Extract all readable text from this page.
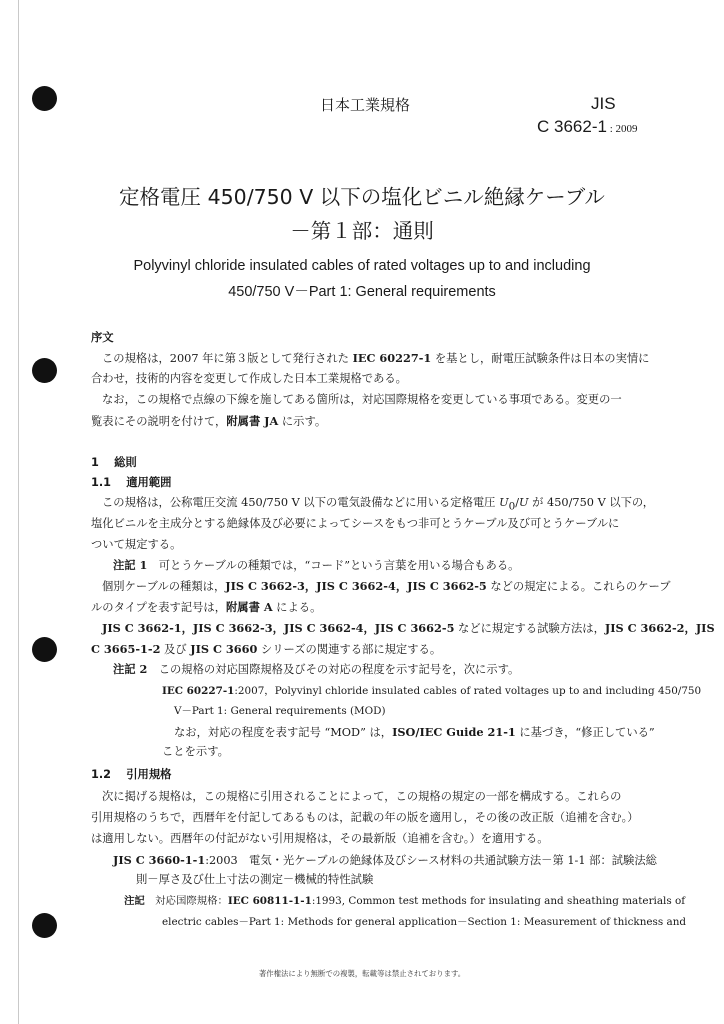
日本工業規格	JIS
C 3662-1 : 2009
定格電圧 450/750 V 以下の塩化ビニル絶縁ケーブル
－第１部：通則
Polyvinyl chloride insulated cables of rated voltages up to and including
450/750 V－Part 1: General requirements
序文
この規格は，2007 年に第３版として発行された IEC 60227-1 を基とし，耐電圧試験条件は日本の実情に
合わせ，技術的内容を変更して作成した日本工業規格である。
なお，この規格で点線の下線を施してある箇所は，対応国際規格を変更している事項である。変更の一
覧表にその説明を付けて，附属書 JA に示す。
1　 総則
1.1　 適用範囲
この規格は，公称電圧交流 450/750 V 以下の電気設備などに用いる定格電圧 $U_0/U$ が 450/750 V 以下の，
塩化ビニルを主成分とする絶縁体及び必要によってシースをもつ非可とうケーブル及び可とうケーブルに
ついて規定する。
注記 1　 可とうケーブルの種類では，“コード”という言葉を用いる場合もある。
個別ケーブルの種類は，JIS C 3662-3，JIS C 3662-4，JIS C 3662-5 などの規定による。これらのケーブ
ルのタイプを表す記号は，附属書 A による。
JIS C 3662-1，JIS C 3662-3，JIS C 3662-4，JIS C 3662-5 などに規定する試験方法は，JIS C 3662-2，JIS
C 3665-1-2 及び JIS C 3660 シリーズの関連する部に規定する。
注記 2　 この規格の対応国際規格及びその対応の程度を示す記号を，次に示す。
IEC 60227-1:2007，Polyvinyl chloride insulated cables of rated voltages up to and including 450/750
V－Part 1: General requirements (MOD)
なお，対応の程度を表す記号 “MOD” は，ISO/IEC Guide 21-1 に基づき，“修正している”
ことを示す。
1.2　 引用規格
次に掲げる規格は，この規格に引用されることによって，この規格の規定の一部を構成する。これらの
引用規格のうちで，西暦年を付記してあるものは，記載の年の版を適用し，その後の改正版（追補を含む。）
は適用しない。西暦年の付記がない引用規格は，その最新版（追補を含む。）を適用する。
JIS C 3660-1-1:2003　電気・光ケーブルの絶縁体及びシース材料の共通試験方法－第 1-1 部：試験法総
則－厚さ及び仕上寸法の測定－機械的特性試験
注記　 対応国際規格：IEC 60811-1-1:1993, Common test methods for insulating and sheathing materials of
electric cables－Part 1: Methods for general application－Section 1: Measurement of thickness and
著作権法により無断での複製，転載等は禁止されております。
